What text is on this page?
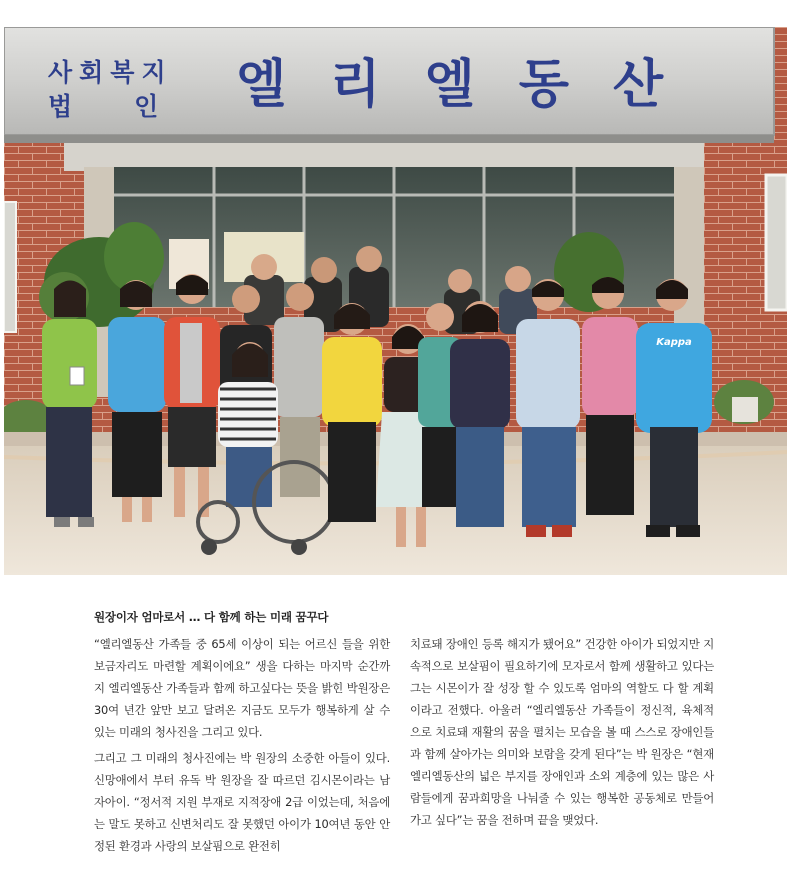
Kappa
사회복지
법인 엘리엘동산
원장이자 엄마로서 … 다 함께 하는 미래 꿈꾸다

“엘리엘동산 가족들 중 65세 이상이 되는 어르신 들을 위한 보금자리도 마련할 계획이에요” 생을 다하는 마지막 순간까지 엘리엘동산 가족들과 함께 하고싶다는 뜻을 밝힌 박원장은 30여 년간 앞만 보고 달려온 지금도 모두가 행복하게 살 수 있는 미래의 청사진을 그리고 있다.

그리고 그 미래의 청사진에는 박 원장의 소중한 아들이 있다. 신망애에서 부터 유독 박 원장을 잘 따르던 김시몬이라는 남자아이. “정서적 지원 부재로 지적장애 2급 이었는데, 처음에는 말도 못하고 신변처리도 잘 못했던 아이가 10여년 동안 안정된 환경과 사랑의 보살핌으로 완전히

치료돼 장애인 등록 해지가 됐어요” 건강한 아이가 되었지만 지속적으로 보살핌이 필요하기에 모자로서 함께 생활하고 있다는 그는 시몬이가 잘 성장 할 수 있도록 엄마의 역할도 다 할 계획이라고 전했다. 아울러 “엘리엘동산 가족들이 정신적, 육체적 으로 치료돼 재활의 꿈을 펼치는 모습을 볼 때 스스로 장애인들과 함께 살아가는 의미와 보람을 갖게 된다”는 박 원장은 “현재 엘리엘동산의 넓은 부지를 장애인과 소외 계층에 있는 많은 사람들에게 꿈과희망을 나눠줄 수 있는 행복한 공동체로 만들어가고 싶다”는 꿈을 전하며 끝을 맺었다.
